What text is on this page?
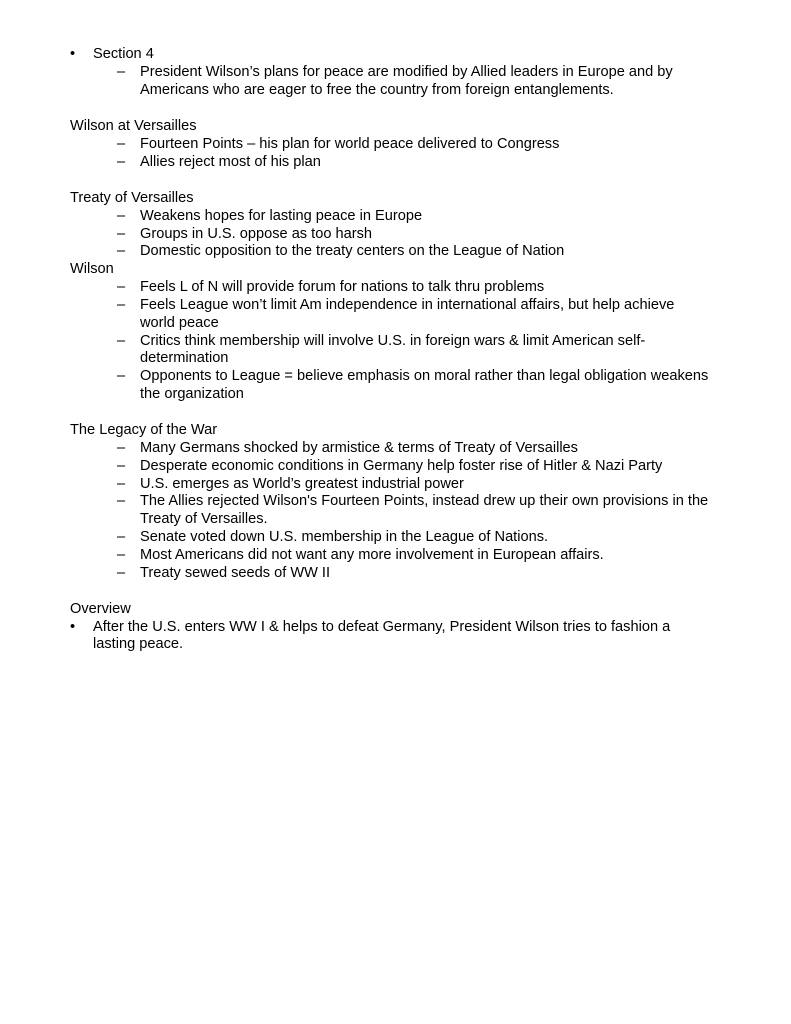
• Section 4
– President Wilson’s plans for peace are modified by Allied leaders in Europe and by
Americans who are eager to free the country from foreign entanglements.
Wilson at Versailles
– Fourteen Points – his plan for world peace delivered to Congress
– Allies reject most of his plan
Treaty of Versailles
– Weakens hopes for lasting peace in Europe
– Groups in U.S. oppose as too harsh
– Domestic opposition to the treaty centers on the League of Nation
Wilson
– Feels L of N will provide forum for nations to talk thru problems
– Feels League won’t limit Am independence in international affairs, but help achieve
world peace
– Critics think membership will involve U.S. in foreign wars & limit American self-
determination
– Opponents to League = believe emphasis on moral rather than legal obligation weakens
the organization
The Legacy of the War
– Many Germans shocked by armistice & terms of Treaty of Versailles
– Desperate economic conditions in Germany help foster rise of Hitler & Nazi Party
– U.S. emerges as World’s greatest industrial power
– The Allies rejected Wilson's Fourteen Points, instead drew up their own provisions in the
Treaty of Versailles.
– Senate voted down U.S. membership in the League of Nations.
– Most Americans did not want any more involvement in European affairs.
– Treaty sewed seeds of WW II
Overview
• After the U.S. enters WW I & helps to defeat Germany, President Wilson tries to fashion a
lasting peace.
